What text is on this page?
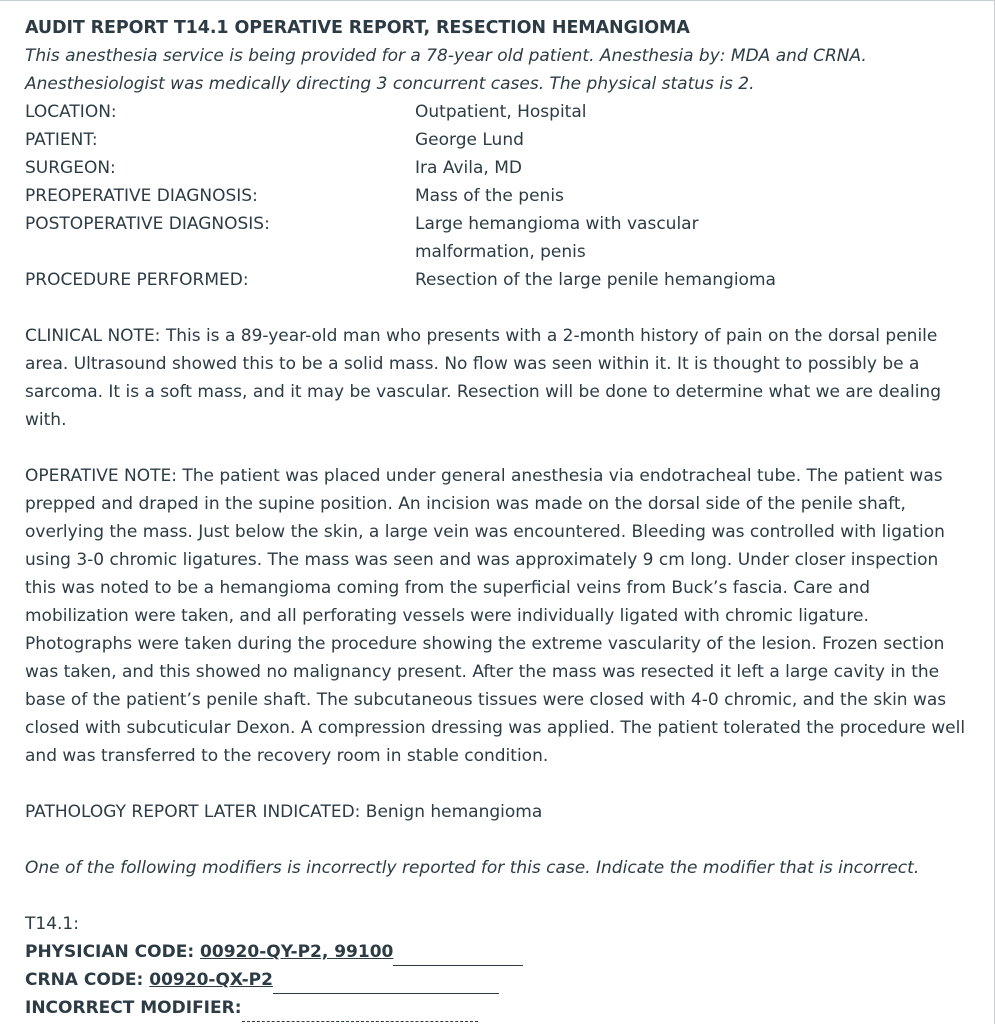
AUDIT REPORT T14.1 OPERATIVE REPORT, RESECTION HEMANGIOMA

This anesthesia service is being provided for a 78-year old patient. Anesthesia by: MDA and CRNA. Anesthesiologist was medically directing 3 concurrent cases. The physical status is 2.

LOCATION:	Outpatient, Hospital
PATIENT:	George Lund
SURGEON:	Ira Avila, MD
PREOPERATIVE DIAGNOSIS:	Mass of the penis
POSTOPERATIVE DIAGNOSIS:	Large hemangioma with vascular malformation, penis
PROCEDURE PERFORMED:	Resection of the large penile hemangioma

CLINICAL NOTE: This is a 89-year-old man who presents with a 2-month history of pain on the dorsal penile area. Ultrasound showed this to be a solid mass. No flow was seen within it. It is thought to possibly be a sarcoma. It is a soft mass, and it may be vascular. Resection will be done to determine what we are dealing with.

OPERATIVE NOTE: The patient was placed under general anesthesia via endotracheal tube. The patient was prepped and draped in the supine position. An incision was made on the dorsal side of the penile shaft, overlying the mass. Just below the skin, a large vein was encountered. Bleeding was controlled with ligation using 3-0 chromic ligatures. The mass was seen and was approximately 9 cm long. Under closer inspection this was noted to be a hemangioma coming from the superficial veins from Buck’s fascia. Care and mobilization were taken, and all perforating vessels were individually ligated with chromic ligature. Photographs were taken during the procedure showing the extreme vascularity of the lesion. Frozen section was taken, and this showed no malignancy present. After the mass was resected it left a large cavity in the base of the patient’s penile shaft. The subcutaneous tissues were closed with 4-0 chromic, and the skin was closed with subcuticular Dexon. A compression dressing was applied. The patient tolerated the procedure well and was transferred to the recovery room in stable condition.

PATHOLOGY REPORT LATER INDICATED: Benign hemangioma

One of the following modifiers is incorrectly reported for this case. Indicate the modifier that is incorrect.

T14.1:
PHYSICIAN CODE: 00920-QY-P2, 99100
CRNA CODE: 00920-QX-P2
INCORRECT MODIFIER:
